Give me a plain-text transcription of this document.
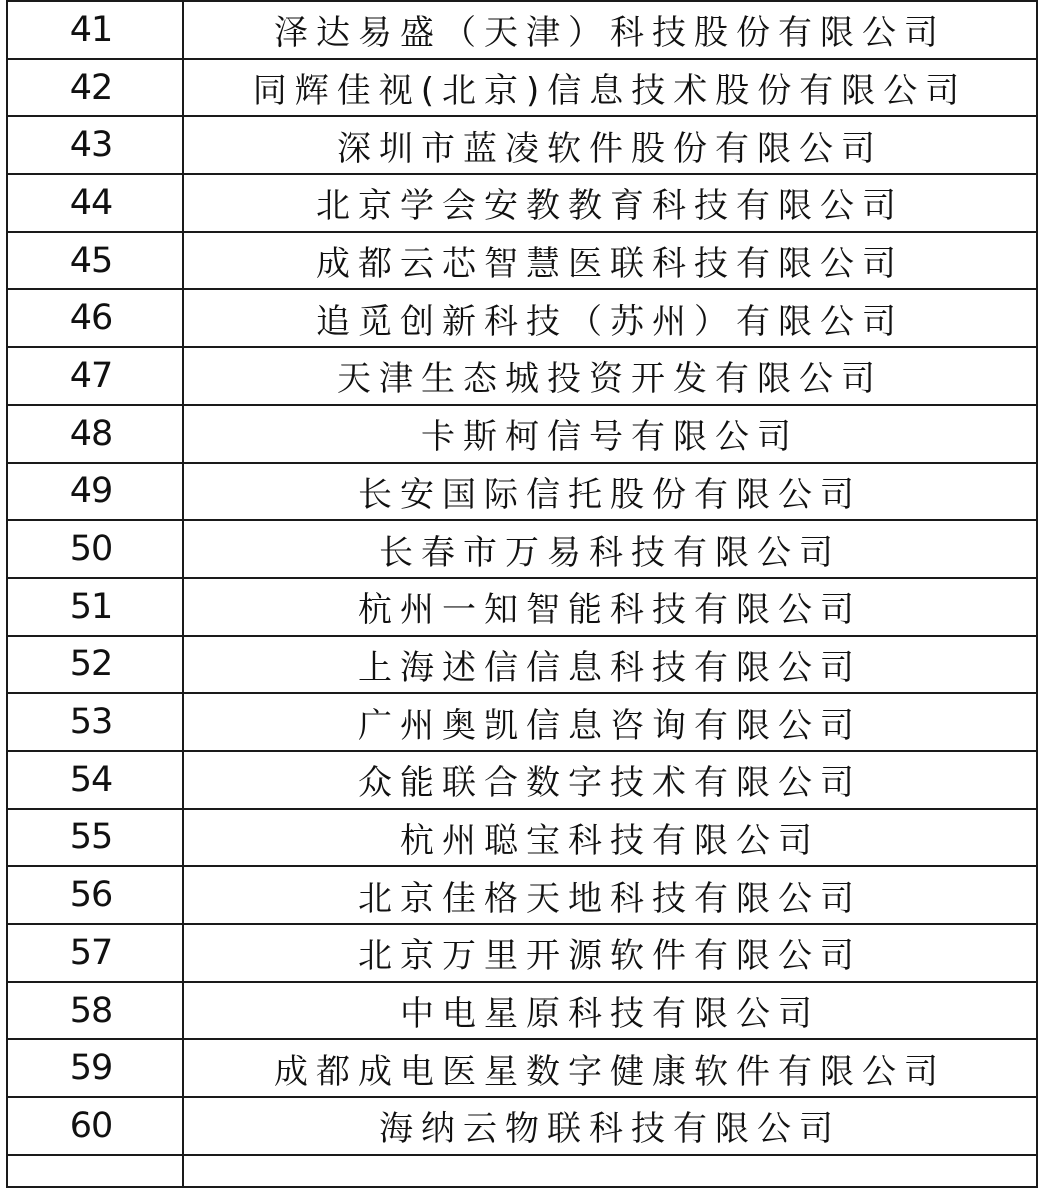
41	泽达易盛（天津）科技股份有限公司
42	同辉佳视(北京)信息技术股份有限公司
43	深圳市蓝凌软件股份有限公司
44	北京学会安教教育科技有限公司
45	成都云芯智慧医联科技有限公司
46	追觅创新科技（苏州）有限公司
47	天津生态城投资开发有限公司
48	卡斯柯信号有限公司
49	长安国际信托股份有限公司
50	长春市万易科技有限公司
51	杭州一知智能科技有限公司
52	上海述信信息科技有限公司
53	广州奥凯信息咨询有限公司
54	众能联合数字技术有限公司
55	杭州聪宝科技有限公司
56	北京佳格天地科技有限公司
57	北京万里开源软件有限公司
58	中电星原科技有限公司
59	成都成电医星数字健康软件有限公司
60	海纳云物联科技有限公司
